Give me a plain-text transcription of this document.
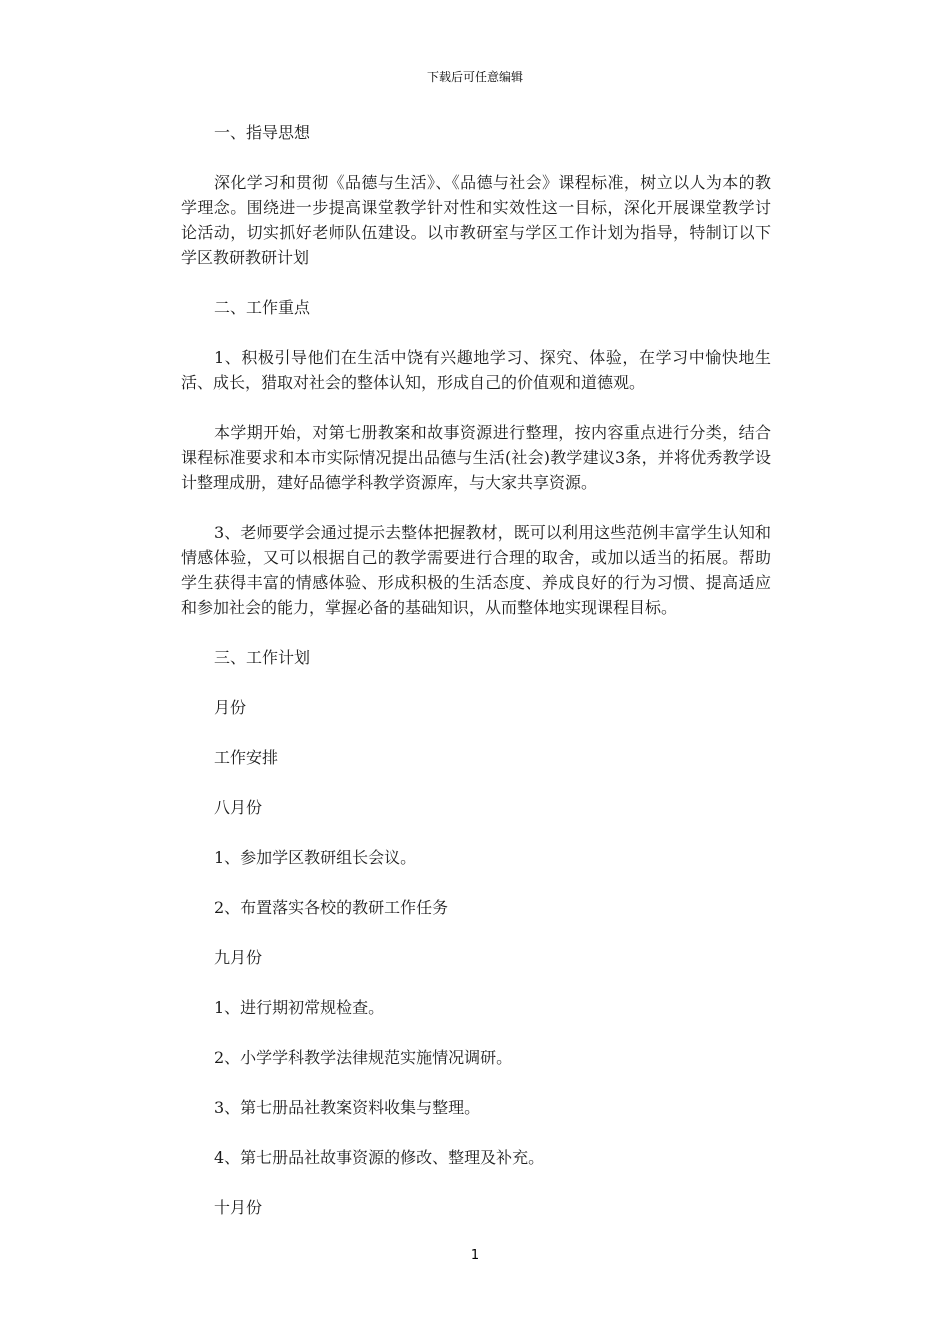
下载后可任意编辑

一、指导思想

深化学习和贯彻《品德与生活》、《品德与社会》课程标准，树立以人为本的教学理念。围绕进一步提高课堂教学针对性和实效性这一目标，深化开展课堂教学讨论活动，切实抓好老师队伍建设。以市教研室与学区工作计划为指导，特制订以下学区教研教研计划

二、工作重点

1、积极引导他们在生活中饶有兴趣地学习、探究、体验，在学习中愉快地生活、成长，猎取对社会的整体认知，形成自己的价值观和道德观。

本学期开始，对第七册教案和故事资源进行整理，按内容重点进行分类，结合课程标准要求和本市实际情况提出品德与生活(社会)教学建议3条，并将优秀教学设计整理成册，建好品德学科教学资源库，与大家共享资源。

3、老师要学会通过提示去整体把握教材，既可以利用这些范例丰富学生认知和情感体验，又可以根据自己的教学需要进行合理的取舍，或加以适当的拓展。帮助学生获得丰富的情感体验、形成积极的生活态度、养成良好的行为习惯、提高适应和参加社会的能力，掌握必备的基础知识，从而整体地实现课程目标。

三、工作计划

月份

工作安排

八月份

1、参加学区教研组长会议。

2、布置落实各校的教研工作任务

九月份

1、进行期初常规检查。

2、小学学科教学法律规范实施情况调研。

3、第七册品社教案资料收集与整理。

4、第七册品社故事资源的修改、整理及补充。

十月份

1
